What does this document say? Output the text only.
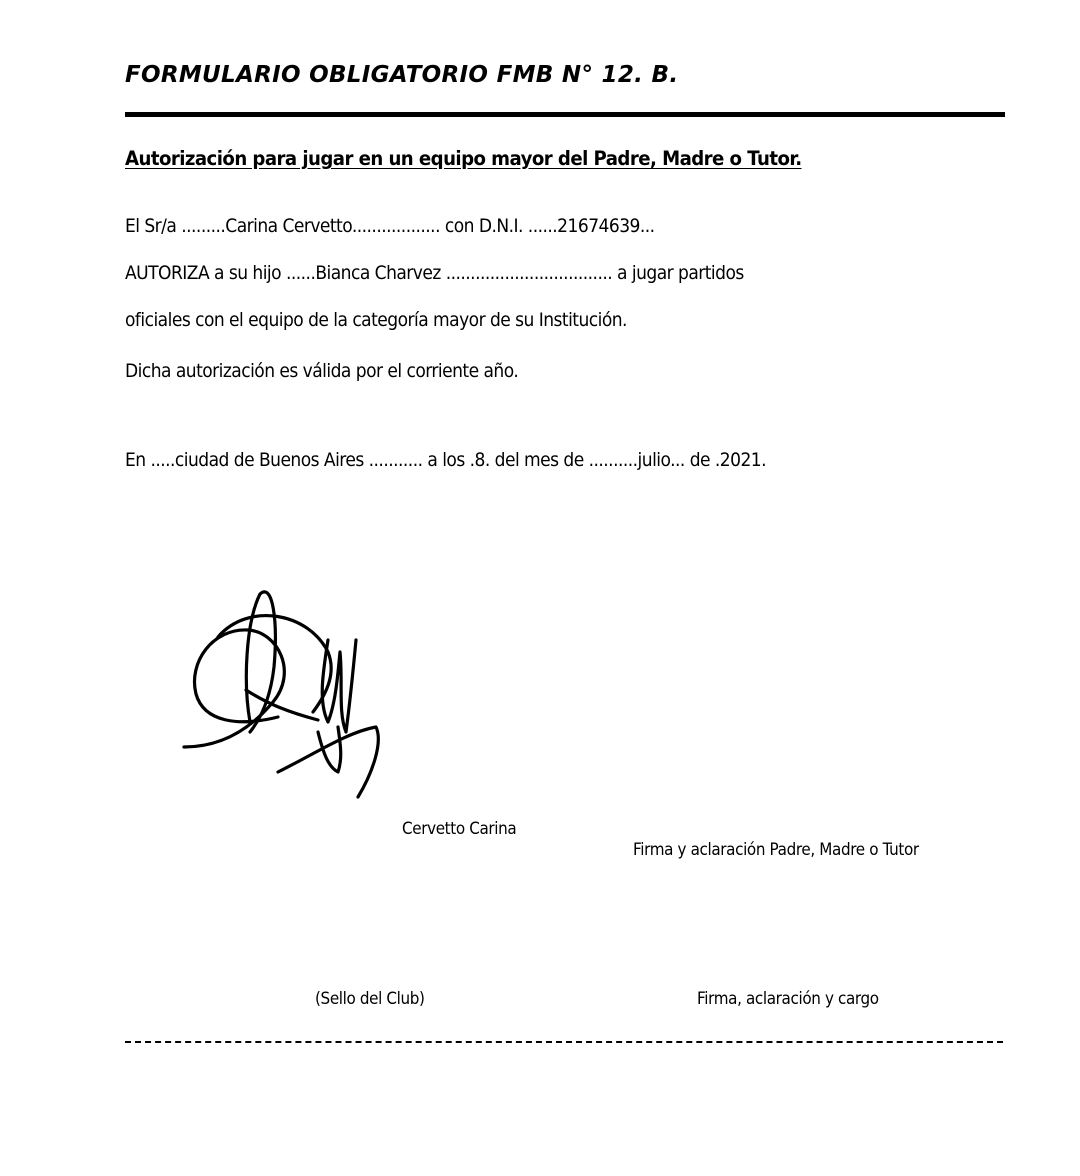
FORMULARIO OBLIGATORIO FMB N° 12. B.
Autorización para jugar en un equipo mayor del Padre, Madre o Tutor.
El Sr/a .........Carina Cervetto.................. con D.N.I. ......21674639...
AUTORIZA a su hijo ......Bianca Charvez .................................. a jugar partidos
oficiales con el equipo de la categoría mayor de su Institución.
Dicha autorización es válida por el corriente año.
En .....ciudad de Buenos Aires ........... a los .8. del mes de ..........julio... de .2021.
Cervetto Carina
Firma y aclaración Padre, Madre o Tutor
(Sello del Club)	Firma, aclaración y cargo
